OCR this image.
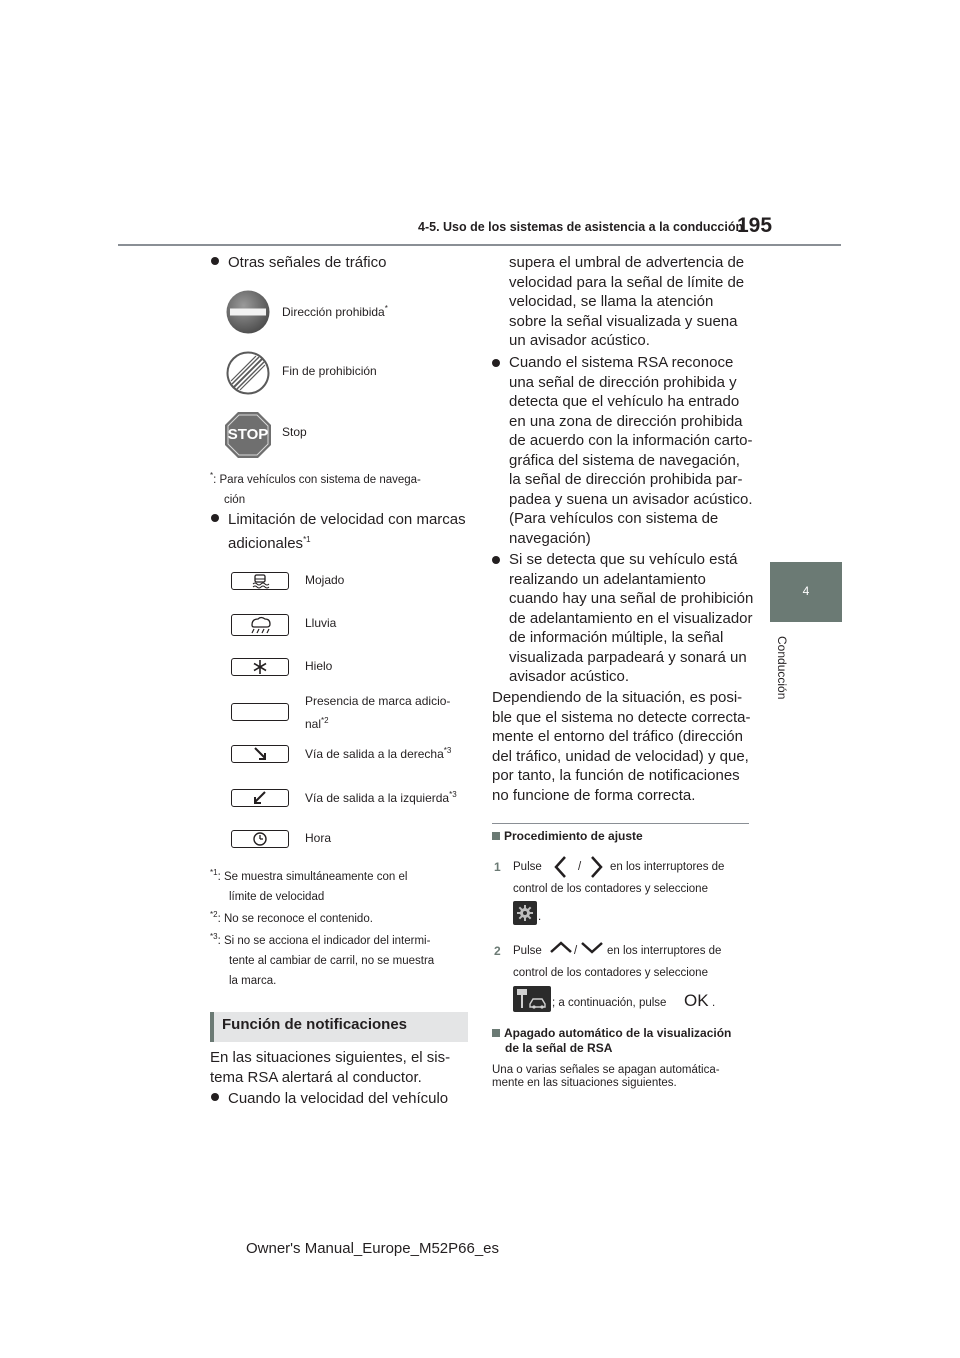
4-5. Uso de los sistemas de asistencia a la conducción
195
4
Conducción
Otras señales de tráfico
Dirección prohibida*
Fin de prohibición
STOP	Stop
*: Para vehículos con sistema de navega-
ción
Limitación de velocidad con marcas
adicionales$^{*1}$
Mojado
Lluvia
Hielo
Presencia de marca adicio-
nal$^{*2}$
Vía de salida a la derecha$^{*3}$
Vía de salida a la izquierda$^{*3}$
Hora
$^{*1}$: Se muestra simultáneamente con el
límite de velocidad
$^{*2}$: No se reconoce el contenido.
$^{*3}$: Si no se acciona el indicador del intermi-
tente al cambiar de carril, no se muestra
la marca.
Función de notificaciones
En las situaciones siguientes, el sis-
tema RSA alertará al conductor.
Cuando la velocidad del vehículo
supera el umbral de advertencia de
velocidad para la señal de límite de
velocidad, se llama la atención
sobre la señal visualizada y suena
un avisador acústico.
Cuando el sistema RSA reconoce
una señal de dirección prohibida y
detecta que el vehículo ha entrado
en una zona de dirección prohibida
de acuerdo con la información carto-
gráfica del sistema de navegación,
la señal de dirección prohibida par-
padea y suena un avisador acústico.
(Para vehículos con sistema de
navegación)
Si se detecta que su vehículo está
realizando un adelantamiento
cuando hay una señal de prohibición
de adelantamiento en el visualizador
de información múltiple, la señal
visualizada parpadeará y sonará un
avisador acústico.
Dependiendo de la situación, es posi-
ble que el sistema no detecte correcta-
mente el entorno del tráfico (dirección
del tráfico, unidad de velocidad) y que,
por tanto, la función de notificaciones
no funcione de forma correcta.
Procedimiento de ajuste
1 Pulse	/	en los interruptores de
control de los contadores y seleccione
.
2 Pulse	/	en los interruptores de
control de los contadores y seleccione
; a continuación, pulse OK .
Apagado automático de la visualización
de la señal de RSA
Una o varias señales se apagan automática-
mente en las situaciones siguientes.
Owner's Manual_Europe_M52P66_es
